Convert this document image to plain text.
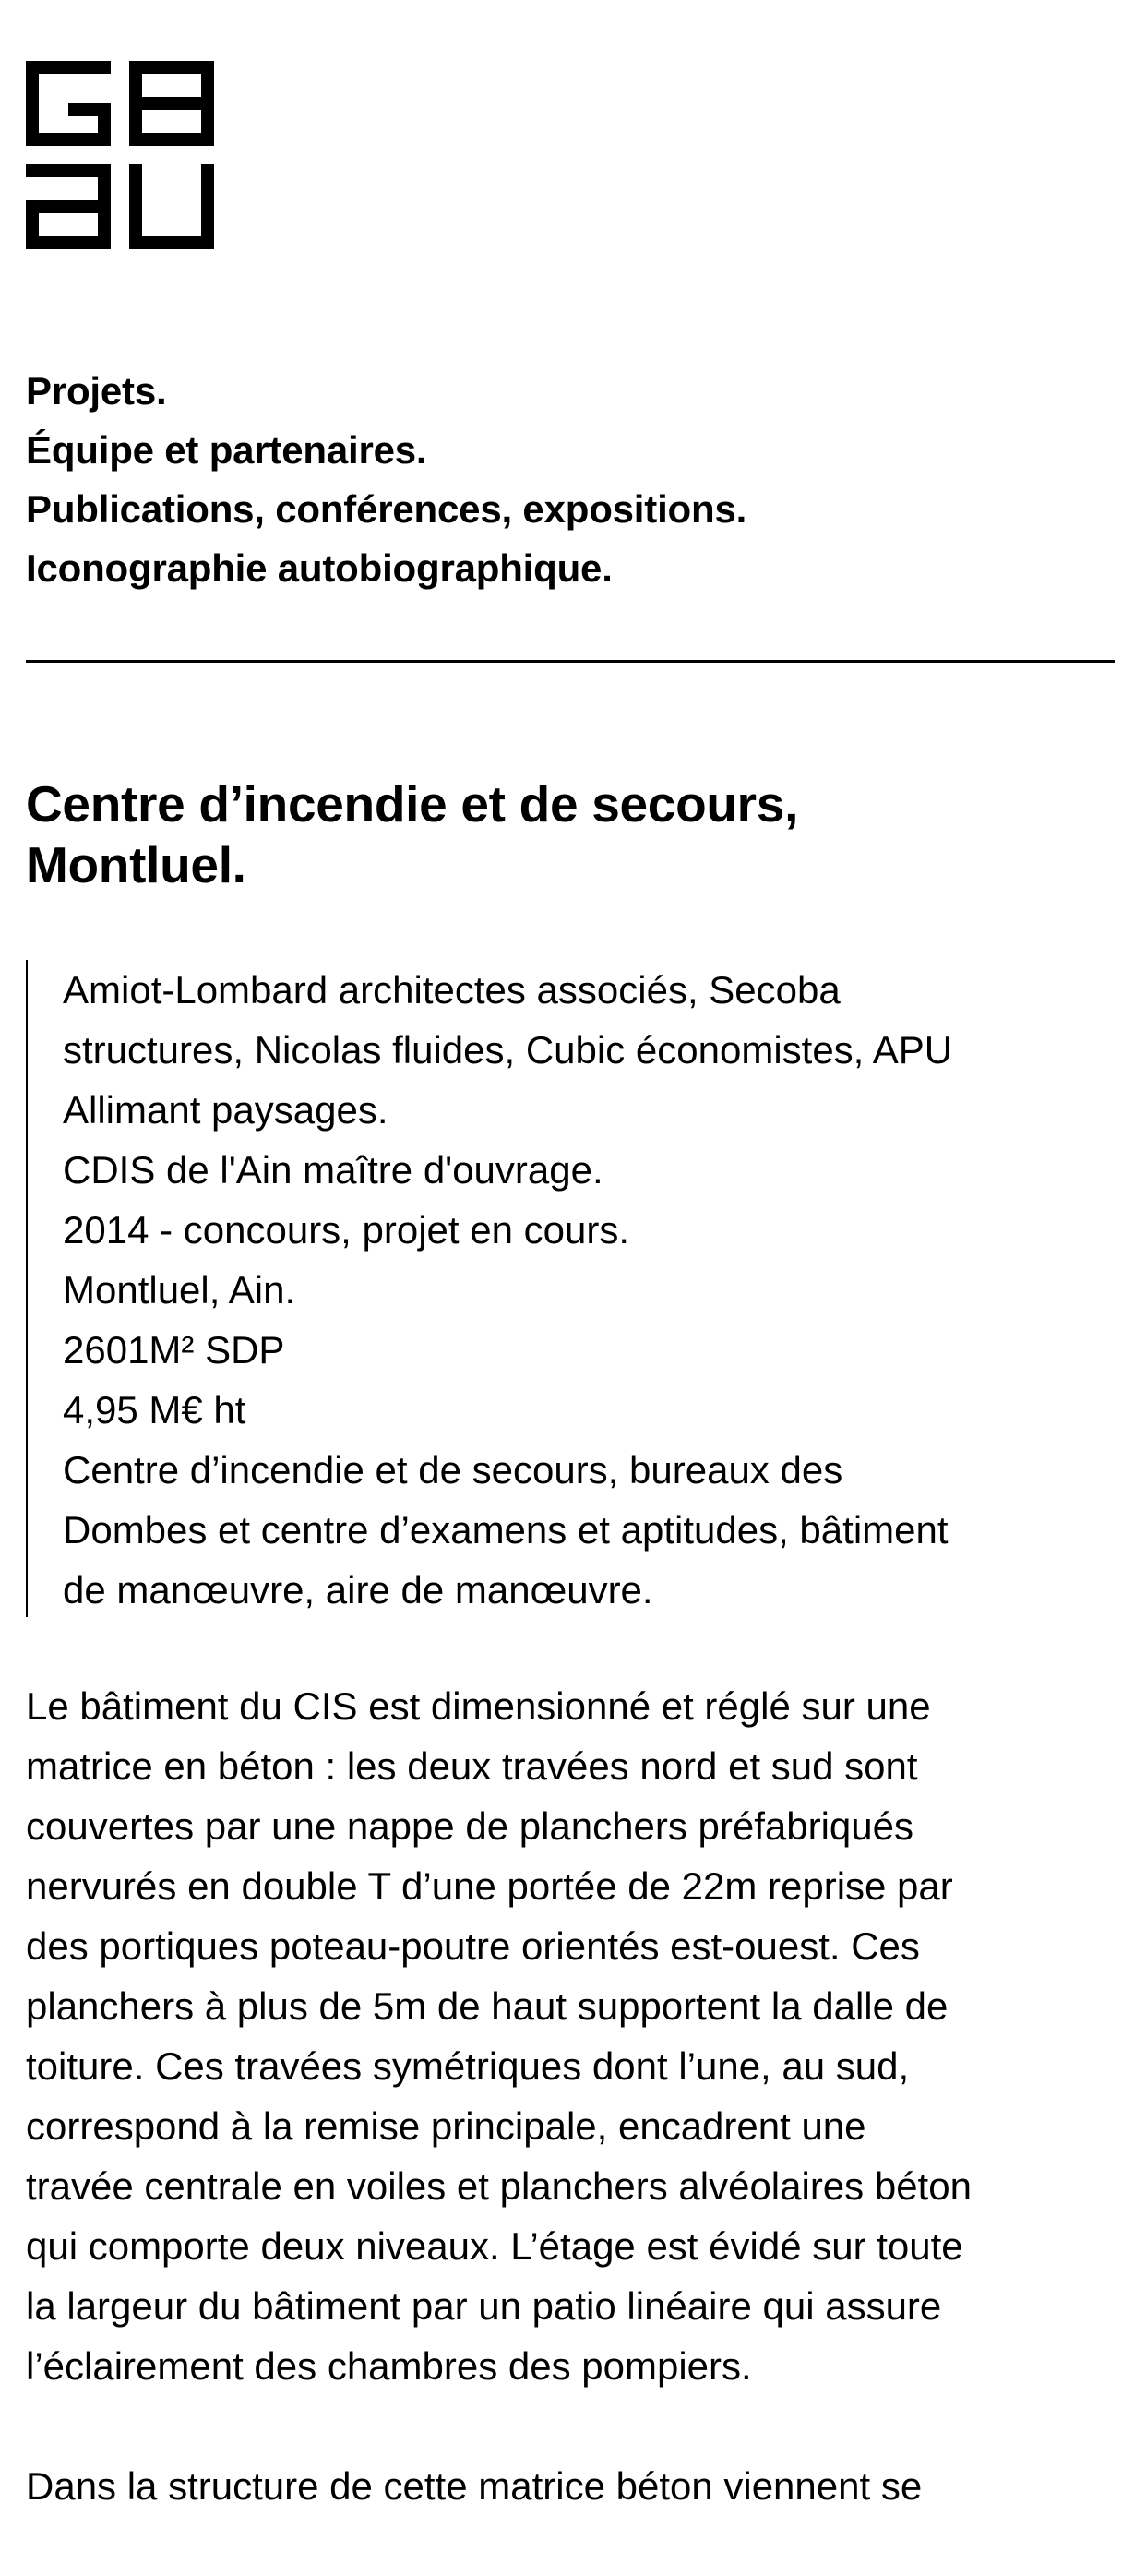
Projets.
Équipe et partenaires.
Publications, conférences, expositions.
Iconographie autobiographique.
Centre d’incendie et de secours,
Montluel.

Amiot-Lombard architectes associés, Secoba

structures, Nicolas fluides, Cubic économistes, APU

Allimant paysages.

CDIS de l'Ain maître d'ouvrage.

2014 - concours, projet en cours.

Montluel, Ain.

2601M² SDP

4,95 M€ ht

Centre d’incendie et de secours, bureaux des

Dombes et centre d’examens et aptitudes, bâtiment

de manœuvre, aire de manœuvre.

Le bâtiment du CIS est dimensionné et réglé sur une
matrice en béton : les deux travées nord et sud sont
couvertes par une nappe de planchers préfabriqués
nervurés en double T d’une portée de 22m reprise par
des portiques poteau-poutre orientés est-ouest. Ces
planchers à plus de 5m de haut supportent la dalle de
toiture. Ces travées symétriques dont l’une, au sud,
correspond à la remise principale, encadrent une
travée centrale en voiles et planchers alvéolaires béton
qui comporte deux niveaux. L’étage est évidé sur toute
la largeur du bâtiment par un patio linéaire qui assure
l’éclairement des chambres des pompiers.

Dans la structure de cette matrice béton viennent se
